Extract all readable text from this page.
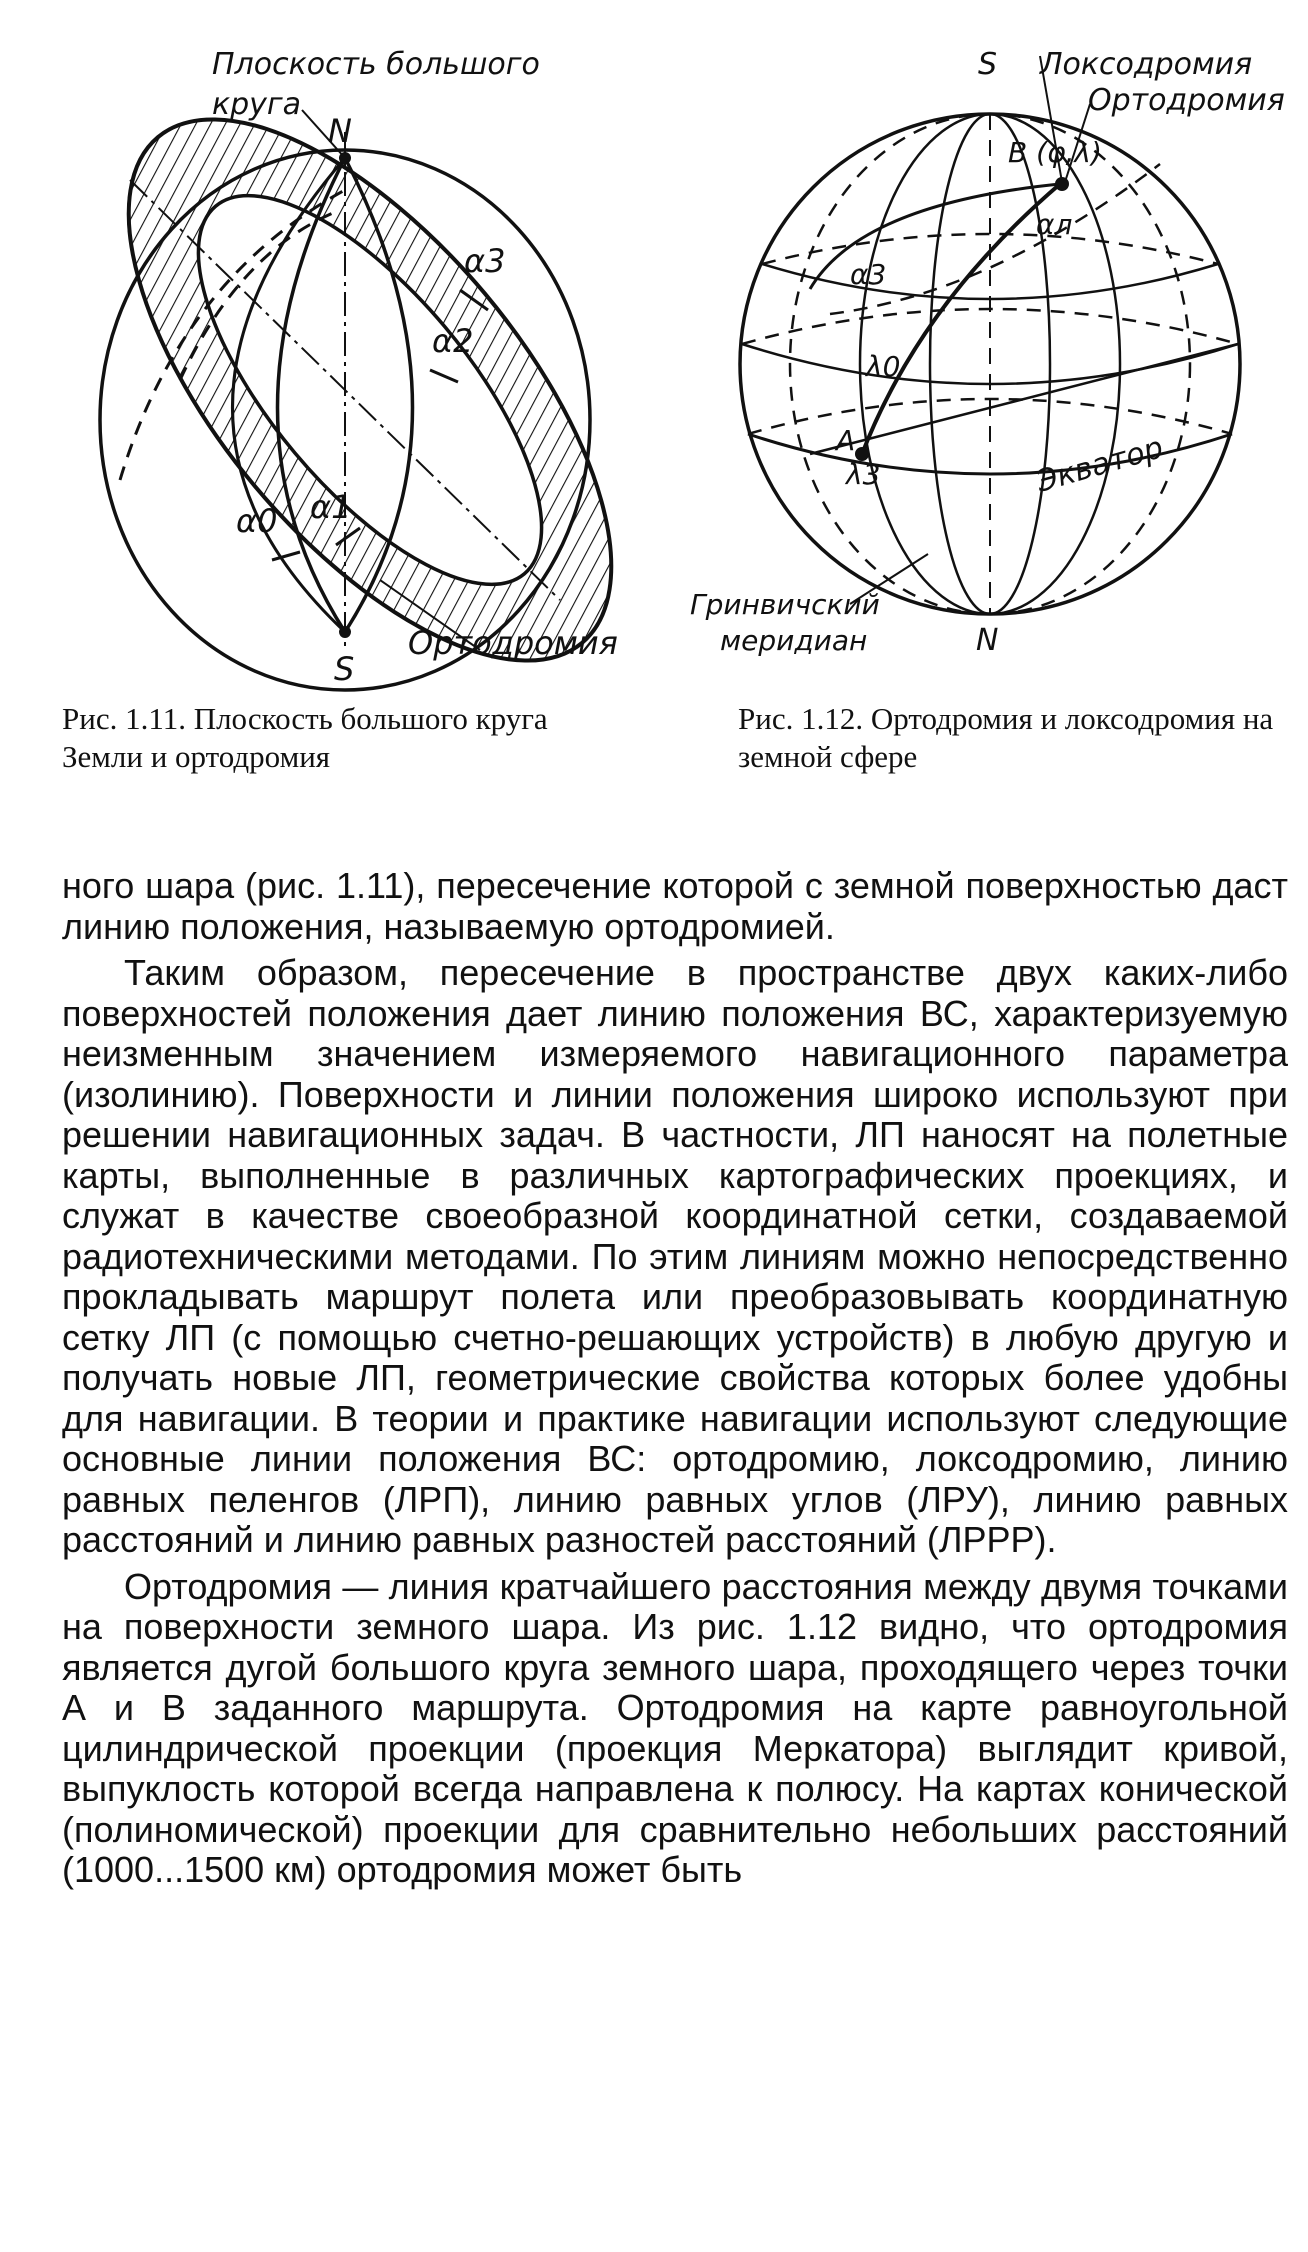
Плоскость большого
круга
N
S
α3
α2
α1
α0
Ортодромия
Рис. 1.11. Плоскость большого круга
Земли и ортодромия
S
N
Локсодромия
Ортодромия
B (φ,λ)
αл
α3
λ0
A
λ3	Экватор
Гринвичский
меридиан
Рис. 1.12. Ортодромия и локсодромия на
земной сфере

ного шара (рис. 1.11), пересечение которой с земной поверхностью даст линию положения, называемую ортодромией.

Таким образом, пересечение в пространстве двух каких-либо поверхностей положения дает линию положения ВС, характеризуемую неизменным значением измеряемого навигационного параметра (изолинию). Поверхности и линии положения широко используют при решении навигационных задач. В частности, ЛП наносят на полетные карты, выполненные в различных картографических проекциях, и служат в качестве своеобразной координатной сетки, создаваемой радиотехническими методами. По этим линиям можно непосредственно прокладывать маршрут полета или преобразовывать координатную сетку ЛП (с помощью счетно-решающих устройств) в любую другую и получать новые ЛП, геометрические свойства которых более удобны для навигации. В теории и практике навигации используют следующие основные линии положения ВС: ортодромию, локсодромию, линию равных пеленгов (ЛРП), линию равных углов (ЛРУ), линию равных расстояний и линию равных разностей расстояний (ЛРРР).

Ортодромия — линия кратчайшего расстояния между двумя точками на поверхности земного шара. Из рис. 1.12 видно, что ортодромия является дугой большого круга земного шара, проходящего через точки А и В заданного маршрута. Ортодромия на карте равноугольной цилиндрической проекции (проекция Меркатора) выглядит кривой, выпуклость которой всегда направлена к полюсу. На картах конической (полиномической) проекции для сравнительно небольших расстояний (1000...1500 км) ортодромия может быть
